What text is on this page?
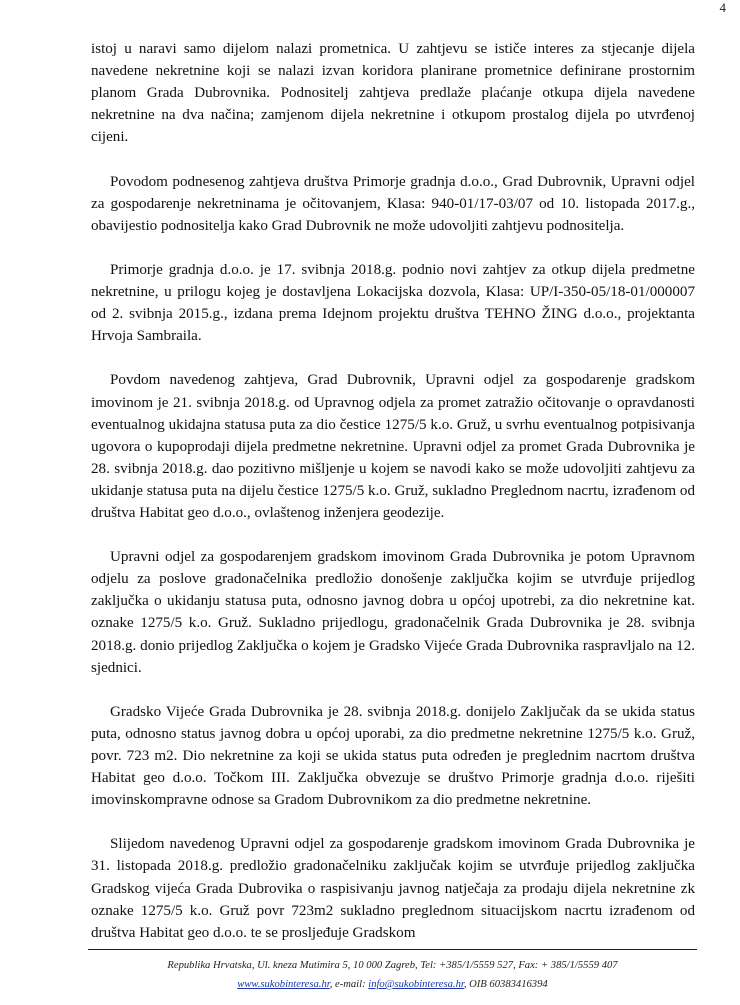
4

istoj u naravi samo dijelom nalazi prometnica. U zahtjevu se ističe interes za stjecanje dijela navedene nekretnine koji se nalazi izvan koridora planirane prometnice definirane prostornim planom Grada Dubrovnika. Podnositelj zahtjeva predlaže plaćanje otkupa dijela navedene nekretnine na dva načina; zamjenom dijela nekretnine i otkupom prostalog dijela po utvrđenoj cijeni.

Povodom podnesenog zahtjeva društva Primorje gradnja d.o.o., Grad Dubrovnik, Upravni odjel za gospodarenje nekretninama je očitovanjem, Klasa: 940-01/17-03/07 od 10. listopada 2017.g., obavijestio podnositelja kako Grad Dubrovnik ne može udovoljiti zahtjevu podnositelja.

Primorje gradnja d.o.o. je 17. svibnja 2018.g. podnio novi zahtjev za otkup dijela predmetne nekretnine, u prilogu kojeg je dostavljena Lokacijska dozvola, Klasa: UP/I-350-05/18-01/000007 od 2. svibnja 2015.g., izdana prema Idejnom projektu društva TEHNO ŽING d.o.o., projektanta Hrvoja Sambraila.

Povdom navedenog zahtjeva, Grad Dubrovnik, Upravni odjel za gospodarenje gradskom imovinom je 21. svibnja 2018.g. od Upravnog odjela za promet zatražio očitovanje o opravdanosti eventualnog ukidajna statusa puta za dio čestice 1275/5 k.o. Gruž, u svrhu eventualnog potpisivanja ugovora o kupoprodaji dijela predmetne nekretnine. Upravni odjel za promet Grada Dubrovnika je 28. svibnja 2018.g. dao pozitivno mišljenje u kojem se navodi kako se može udovoljiti zahtjevu za ukidanje statusa puta na dijelu čestice 1275/5 k.o. Gruž, sukladno Preglednom nacrtu, izrađenom od društva Habitat geo d.o.o., ovlaštenog inženjera geodezije.

Upravni odjel za gospodarenjem gradskom imovinom Grada Dubrovnika je potom Upravnom odjelu za poslove gradonačelnika predložio donošenje zaključka kojim se utvrđuje prijedlog zaključka o ukidanju statusa puta, odnosno javnog dobra u općoj upotrebi, za dio nekretnine kat. oznake 1275/5 k.o. Gruž. Sukladno prijedlogu, gradonačelnik Grada Dubrovnika je 28. svibnja 2018.g. donio prijedlog Zaključka o kojem je Gradsko Vijeće Grada Dubrovnika raspravljalo na 12. sjednici.

Gradsko Vijeće Grada Dubrovnika je 28. svibnja 2018.g. donijelo Zaključak da se ukida status puta, odnosno status javnog dobra u općoj uporabi, za dio predmetne nekretnine 1275/5 k.o. Gruž, povr. 723 m2. Dio nekretnine za koji se ukida status puta određen je preglednim nacrtom društva Habitat geo d.o.o. Točkom III. Zaključka obvezuje se društvo Primorje gradnja d.o.o. riješiti imovinskompravne odnose sa Gradom Dubrovnikom za dio predmetne nekretnine.

Slijedom navedenog Upravni odjel za gospodarenje gradskom imovinom Grada Dubrovnika je 31. listopada 2018.g. predložio gradonačelniku zaključak kojim se utvrđuje prijedlog zaključka Gradskog vijeća Grada Dubrovika o raspisivanju javnog natječaja za prodaju dijela nekretnine zk oznake 1275/5 k.o. Gruž povr 723m2 sukladno preglednom situacijskom nacrtu izrađenom od društva Habitat geo d.o.o. te se prosljeđuje Gradskom

Republika Hrvatska, Ul. kneza Mutimira 5, 10 000 Zagreb, Tel: +385/1/5559 527, Fax: + 385/1/5559 407
www.sukobinteresa.hr, e-mail: info@sukobinteresa.hr, OIB 60383416394
